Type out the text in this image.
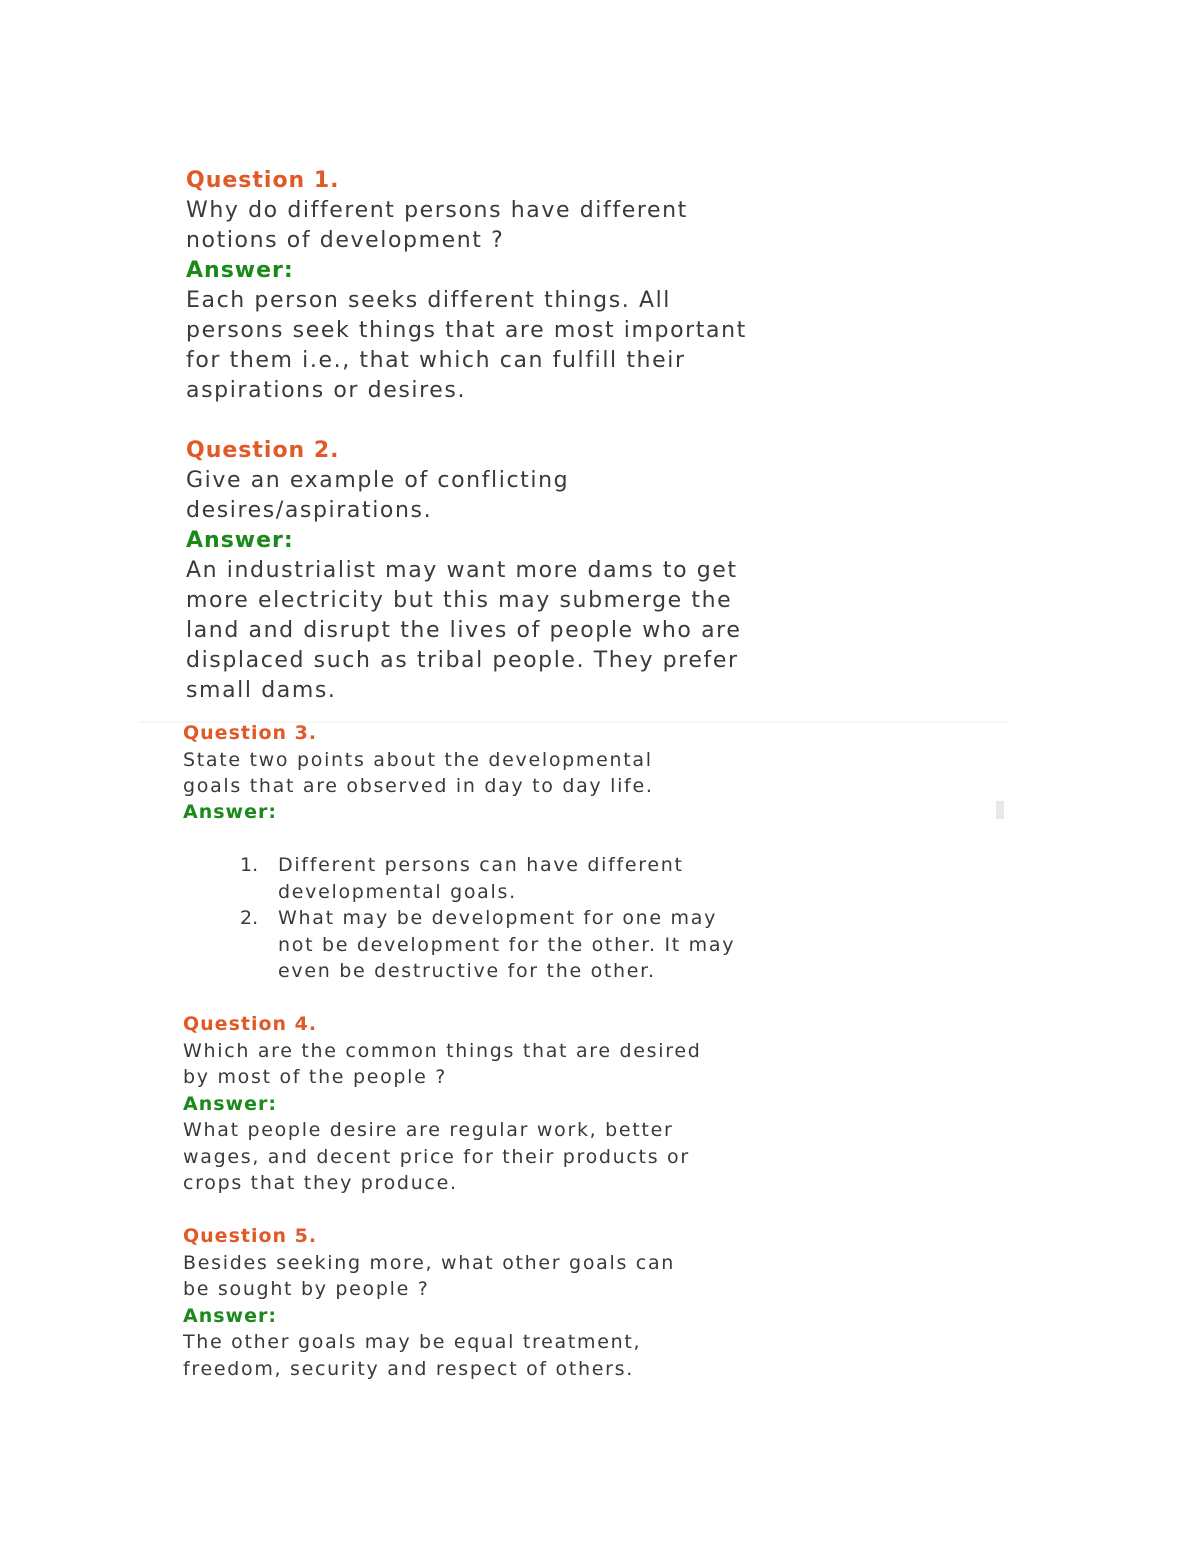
Question 1.
Why do different persons have different
notions of development ?
Answer:
Each person seeks different things. All
persons seek things that are most important
for them i.e., that which can fulfill their
aspirations or desires.
Question 2.
Give an example of conflicting
desires/aspirations.
Answer:
An industrialist may want more dams to get
more electricity but this may submerge the
land and disrupt the lives of people who are
displaced such as tribal people. They prefer
small dams.
Question 3.
State two points about the developmental
goals that are observed in day to day life.
Answer:
1. Different persons can have different
developmental goals.
2. What may be development for one may
not be development for the other. It may
even be destructive for the other.
Question 4.
Which are the common things that are desired
by most of the people ?
Answer:
What people desire are regular work, better
wages, and decent price for their products or
crops that they produce.
Question 5.
Besides seeking more, what other goals can
be sought by people ?
Answer:
The other goals may be equal treatment,
freedom, security and respect of others.
